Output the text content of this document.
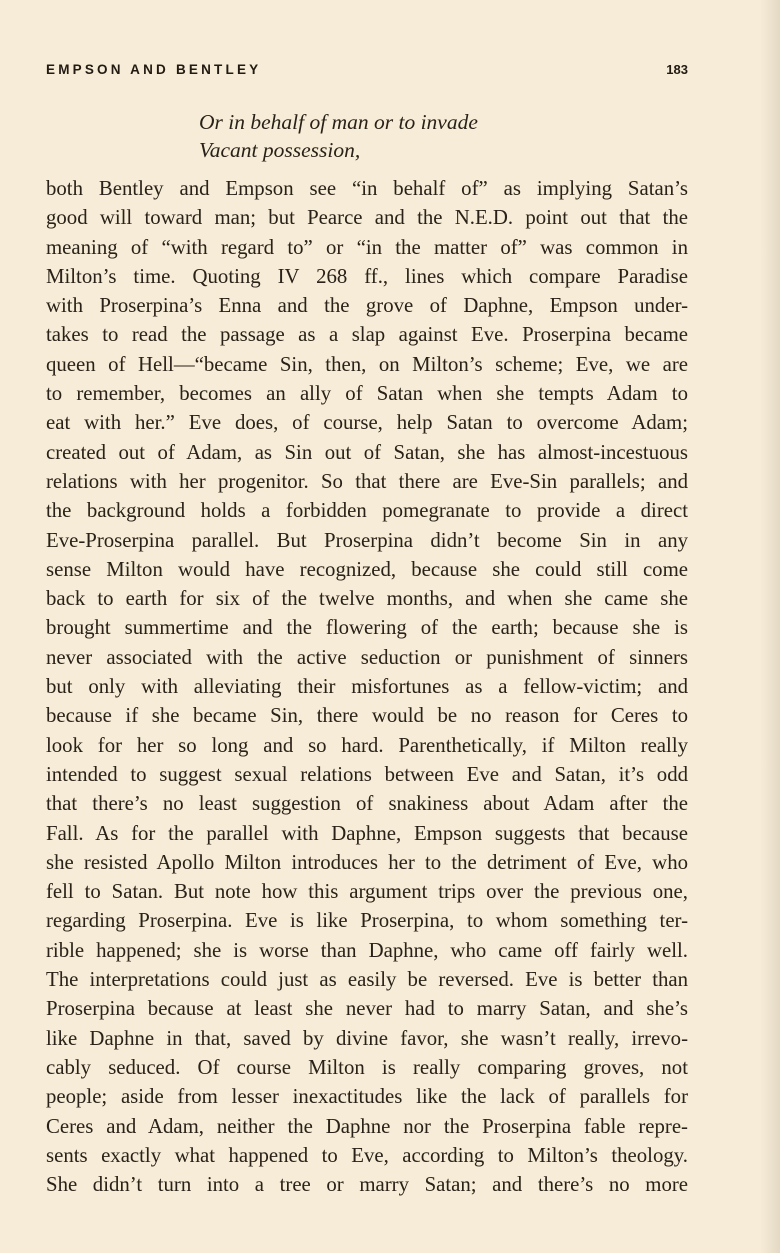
EMPSON AND BENTLEY	183
Or in behalf of man or to invade
Vacant possession,
both Bentley and Empson see “in behalf of” as implying Satan’s
good will toward man; but Pearce and the N.E.D. point out that the
meaning of “with regard to” or “in the matter of” was common in
Milton’s time. Quoting IV 268 ff., lines which compare Paradise
with Proserpina’s Enna and the grove of Daphne, Empson under-
takes to read the passage as a slap against Eve. Proserpina became
queen of Hell—“became Sin, then, on Milton’s scheme; Eve, we are
to remember, becomes an ally of Satan when she tempts Adam to
eat with her.” Eve does, of course, help Satan to overcome Adam;
created out of Adam, as Sin out of Satan, she has almost-incestuous
relations with her progenitor. So that there are Eve-Sin parallels; and
the background holds a forbidden pomegranate to provide a direct
Eve-Proserpina parallel. But Proserpina didn’t become Sin in any
sense Milton would have recognized, because she could still come
back to earth for six of the twelve months, and when she came she
brought summertime and the flowering of the earth; because she is
never associated with the active seduction or punishment of sinners
but only with alleviating their misfortunes as a fellow-victim; and
because if she became Sin, there would be no reason for Ceres to
look for her so long and so hard. Parenthetically, if Milton really
intended to suggest sexual relations between Eve and Satan, it’s odd
that there’s no least suggestion of snakiness about Adam after the
Fall. As for the parallel with Daphne, Empson suggests that because
she resisted Apollo Milton introduces her to the detriment of Eve, who
fell to Satan. But note how this argument trips over the previous one,
regarding Proserpina. Eve is like Proserpina, to whom something ter-
rible happened; she is worse than Daphne, who came off fairly well.
The interpretations could just as easily be reversed. Eve is better than
Proserpina because at least she never had to marry Satan, and she’s
like Daphne in that, saved by divine favor, she wasn’t really, irrevo-
cably seduced. Of course Milton is really comparing groves, not
people; aside from lesser inexactitudes like the lack of parallels for
Ceres and Adam, neither the Daphne nor the Proserpina fable repre-
sents exactly what happened to Eve, according to Milton’s theology.
She didn’t turn into a tree or marry Satan; and there’s no more
